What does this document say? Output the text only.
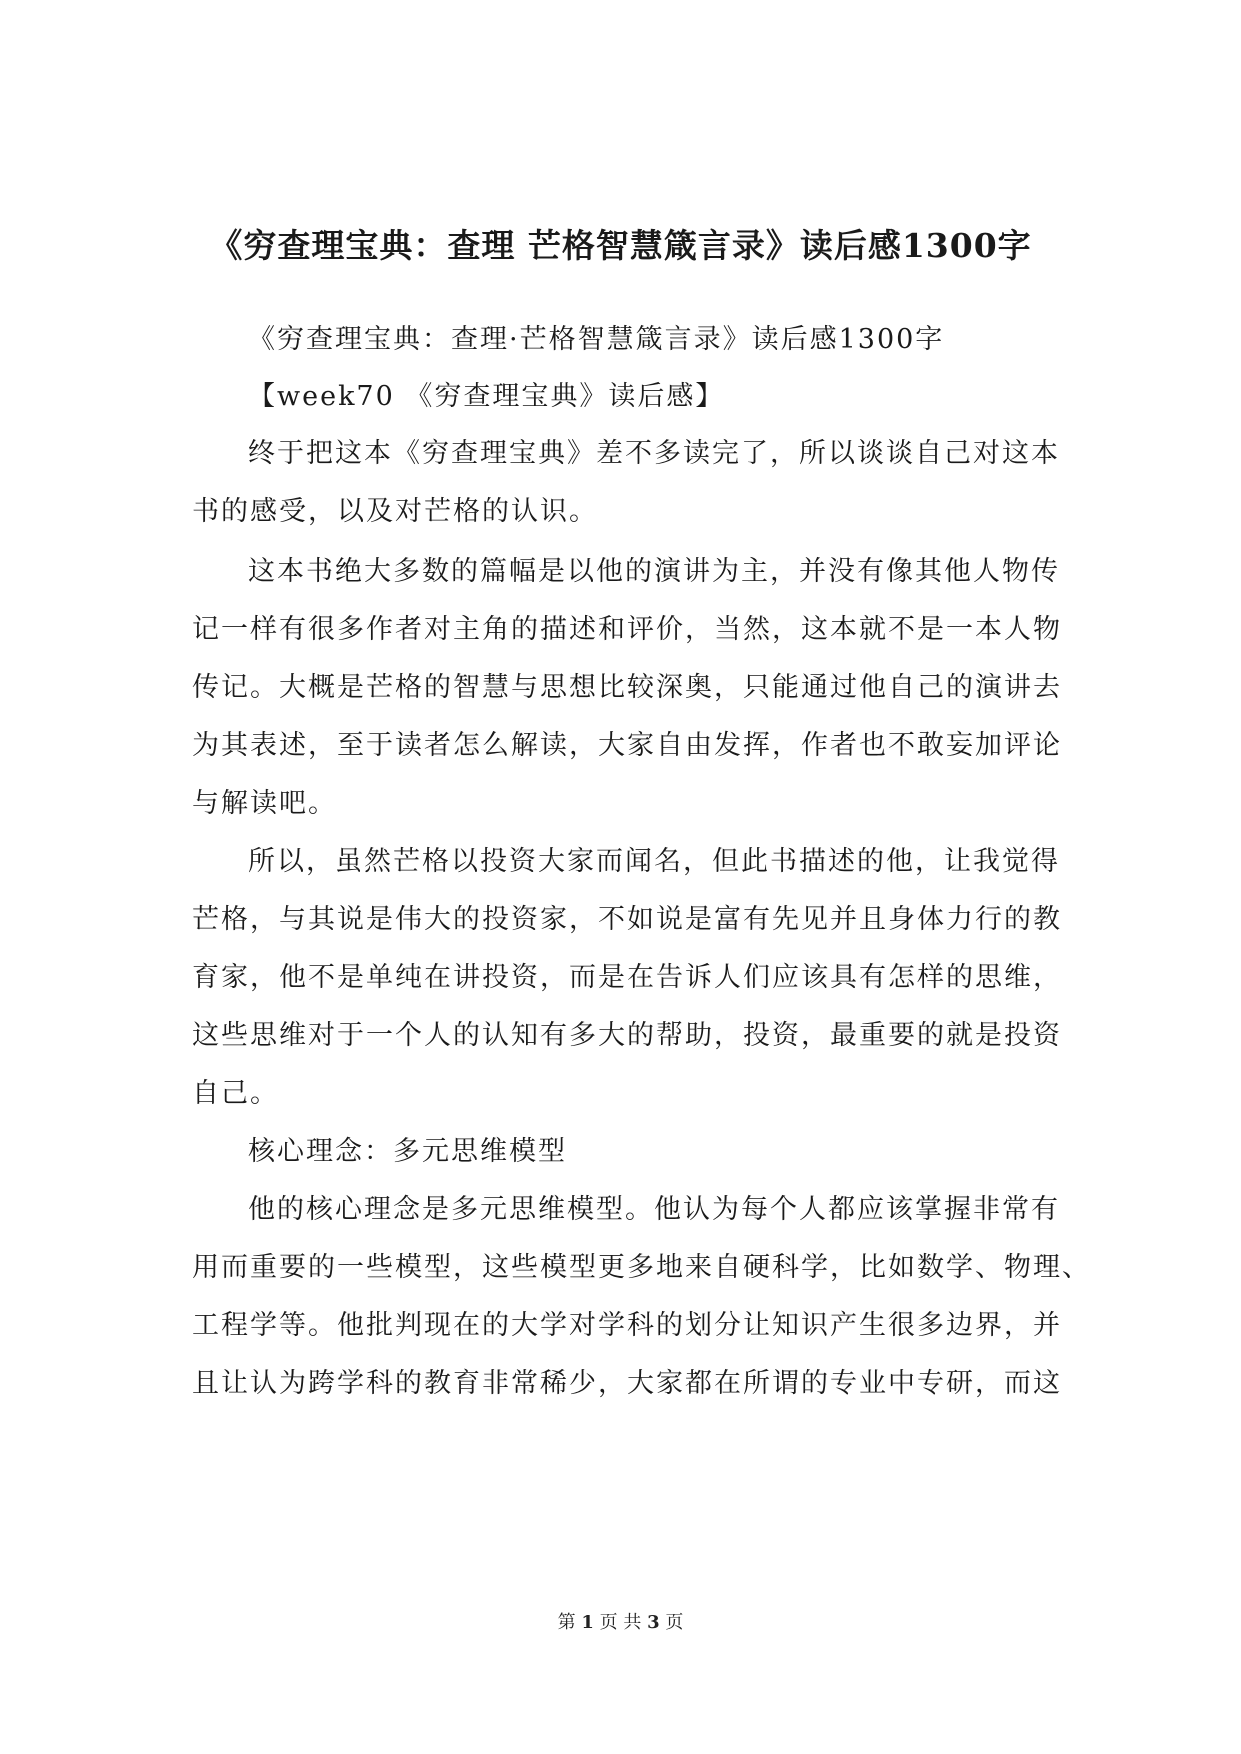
《穷查理宝典：查理 芒格智慧箴言录》读后感1300字

《穷查理宝典：查理·芒格智慧箴言录》读后感1300字

【week70 《穷查理宝典》读后感】

终于把这本《穷查理宝典》差不多读完了，所以谈谈自己对这本

书的感受，以及对芒格的认识。

这本书绝大多数的篇幅是以他的演讲为主，并没有像其他人物传

记一样有很多作者对主角的描述和评价，当然，这本就不是一本人物

传记。大概是芒格的智慧与思想比较深奥，只能通过他自己的演讲去

为其表述，至于读者怎么解读，大家自由发挥，作者也不敢妄加评论

与解读吧。

所以，虽然芒格以投资大家而闻名，但此书描述的他，让我觉得

芒格，与其说是伟大的投资家，不如说是富有先见并且身体力行的教

育家，他不是单纯在讲投资，而是在告诉人们应该具有怎样的思维，

这些思维对于一个人的认知有多大的帮助，投资，最重要的就是投资

自己。

核心理念：多元思维模型

他的核心理念是多元思维模型。他认为每个人都应该掌握非常有

用而重要的一些模型，这些模型更多地来自硬科学，比如数学、物理、

工程学等。他批判现在的大学对学科的划分让知识产生很多边界，并

且让认为跨学科的教育非常稀少，大家都在所谓的专业中专研，而这

第 1 页 共 3 页
